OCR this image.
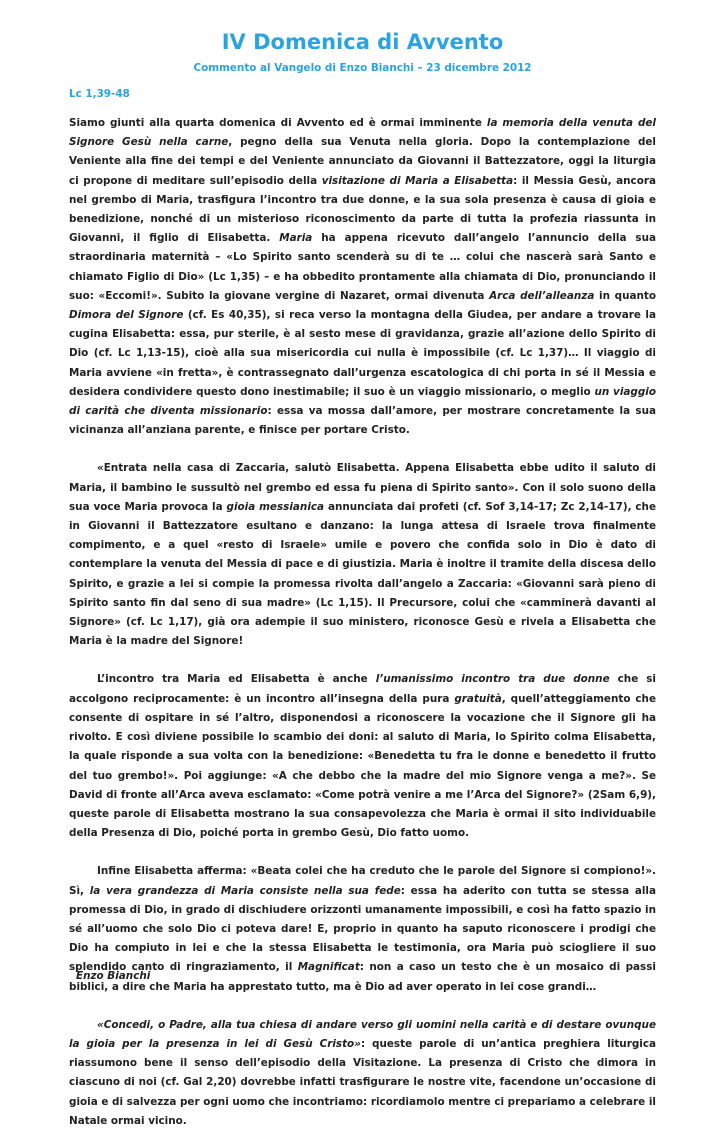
IV Domenica di Avvento

Commento al Vangelo di Enzo Bianchi – 23 dicembre 2012

Lc 1,39-48

Siamo giunti alla quarta domenica di Avvento ed è ormai imminente la memoria della venuta del Signore Gesù nella carne, pegno della sua Venuta nella gloria. Dopo la contemplazione del Veniente alla fine dei tempi e del Veniente annunciato da Giovanni il Battezzatore, oggi la liturgia ci propone di meditare sull’episodio della visitazione di Maria a Elisabetta: il Messia Gesù, ancora nel grembo di Maria, trasfigura l’incontro tra due donne, e la sua sola presenza è causa di gioia e benedizione, nonché di un misterioso riconoscimento da parte di tutta la profezia riassunta in Giovanni, il figlio di Elisabetta. Maria ha appena ricevuto dall’angelo l’annuncio della sua straordinaria maternità – «Lo Spirito santo scenderà su di te … colui che nascerà sarà Santo e chiamato Figlio di Dio» (Lc 1,35) – e ha obbedito prontamente alla chiamata di Dio, pronunciando il suo: «Eccomi!». Subito la giovane vergine di Nazaret, ormai divenuta Arca dell’alleanza in quanto Dimora del Signore (cf. Es 40,35), si reca verso la montagna della Giudea, per andare a trovare la cugina Elisabetta: essa, pur sterile, è al sesto mese di gravidanza, grazie all’azione dello Spirito di Dio (cf. Lc 1,13-15), cioè alla sua misericordia cui nulla è impossibile (cf. Lc 1,37)… Il viaggio di Maria avviene «in fretta», è contrassegnato dall’urgenza escatologica di chi porta in sé il Messia e desidera condividere questo dono inestimabile; il suo è un viaggio missionario, o meglio un viaggio di carità che diventa missionario: essa va mossa dall’amore, per mostrare concretamente la sua vicinanza all’anziana parente, e finisce per portare Cristo.

«Entrata nella casa di Zaccaria, salutò Elisabetta. Appena Elisabetta ebbe udito il saluto di Maria, il bambino le sussultò nel grembo ed essa fu piena di Spirito santo». Con il solo suono della sua voce Maria provoca la gioia messianica annunciata dai profeti (cf. Sof 3,14-17; Zc 2,14-17), che in Giovanni il Battezzatore esultano e danzano: la lunga attesa di Israele trova finalmente compimento, e a quel «resto di Israele» umile e povero che confida solo in Dio è dato di contemplare la venuta del Messia di pace e di giustizia. Maria è inoltre il tramite della discesa dello Spirito, e grazie a lei si compie la promessa rivolta dall’angelo a Zaccaria: «Giovanni sarà pieno di Spirito santo fin dal seno di sua madre» (Lc 1,15). Il Precursore, colui che «camminerà davanti al Signore» (cf. Lc 1,17), già ora adempie il suo ministero, riconosce Gesù e rivela a Elisabetta che Maria è la madre del Signore!

L’incontro tra Maria ed Elisabetta è anche l’umanissimo incontro tra due donne che si accolgono reciprocamente: è un incontro all’insegna della pura gratuità, quell’atteggiamento che consente di ospitare in sé l’altro, disponendosi a riconoscere la vocazione che il Signore gli ha rivolto. E così diviene possibile lo scambio dei doni: al saluto di Maria, lo Spirito colma Elisabetta, la quale risponde a sua volta con la benedizione: «Benedetta tu fra le donne e benedetto il frutto del tuo grembo!». Poi aggiunge: «A che debbo che la madre del mio Signore venga a me?». Se David di fronte all’Arca aveva esclamato: «Come potrà venire a me l’Arca del Signore?» (2Sam 6,9), queste parole di Elisabetta mostrano la sua consapevolezza che Maria è ormai il sito individuabile della Presenza di Dio, poiché porta in grembo Gesù, Dio fatto uomo.

Infine Elisabetta afferma: «Beata colei che ha creduto che le parole del Signore si compiono!». Sì, la vera grandezza di Maria consiste nella sua fede: essa ha aderito con tutta se stessa alla promessa di Dio, in grado di dischiudere orizzonti umanamente impossibili, e così ha fatto spazio in sé all’uomo che solo Dio ci poteva dare! E, proprio in quanto ha saputo riconoscere i prodigi che Dio ha compiuto in lei e che la stessa Elisabetta le testimonia, ora Maria può sciogliere il suo splendido canto di ringraziamento, il Magnificat: non a caso un testo che è un mosaico di passi biblici, a dire che Maria ha apprestato tutto, ma è Dio ad aver operato in lei cose grandi…

«Concedi, o Padre, alla tua chiesa di andare verso gli uomini nella carità e di destare ovunque la gioia per la presenza in lei di Gesù Cristo»: queste parole di un’antica preghiera liturgica riassumono bene il senso dell’episodio della Visitazione. La presenza di Cristo che dimora in ciascuno di noi (cf. Gal 2,20) dovrebbe infatti trasfigurare le nostre vite, facendone un’occasione di gioia e di salvezza per ogni uomo che incontriamo: ricordiamolo mentre ci prepariamo a celebrare il Natale ormai vicino.

Enzo Bianchi
